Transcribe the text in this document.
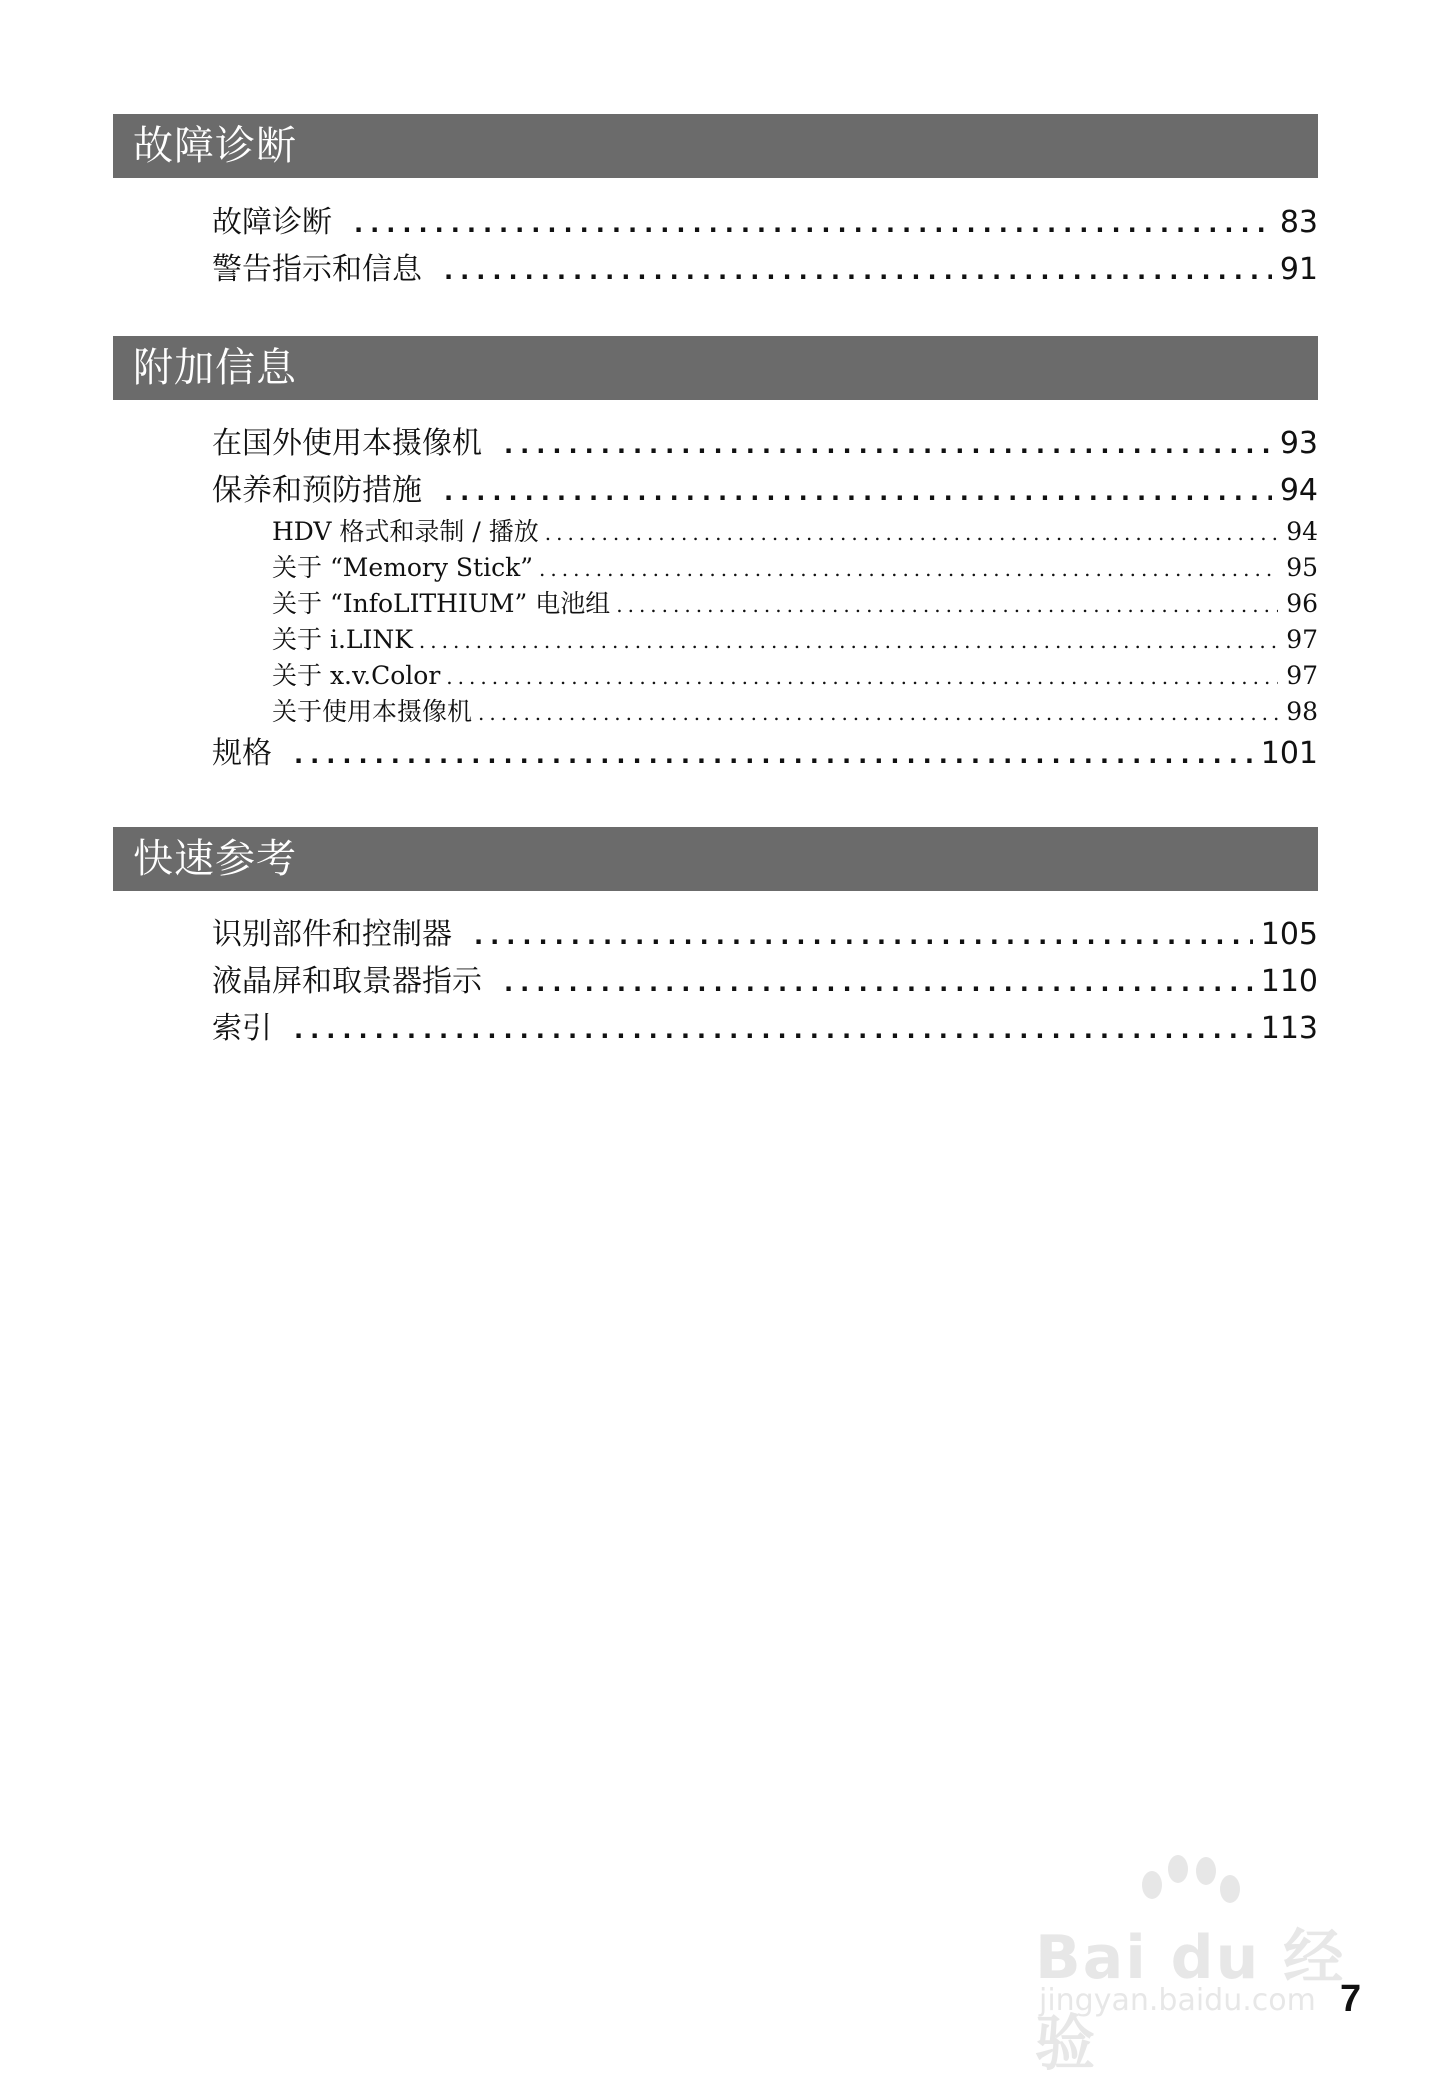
故障诊断
故障诊断 .....	83
警告指示和信息 .....	91
附加信息
在国外使用本摄像机 .....	93
保养和预防措施 .....	94
HDV 格式和录制 / 播放 .....	94
关于 “Memory Stick” .....	95
关于 “InfoLITHIUM” 电池组 .....	96
关于 i.LINK .....	97
关于 x.v.Color .....	97
关于使用本摄像机 .....	98
规格 .....	101
快速参考
识别部件和控制器 .....	105
液晶屏和取景器指示 .....	110
索引 .....	113
Bai du 经验
jingyan.baidu.com 7
